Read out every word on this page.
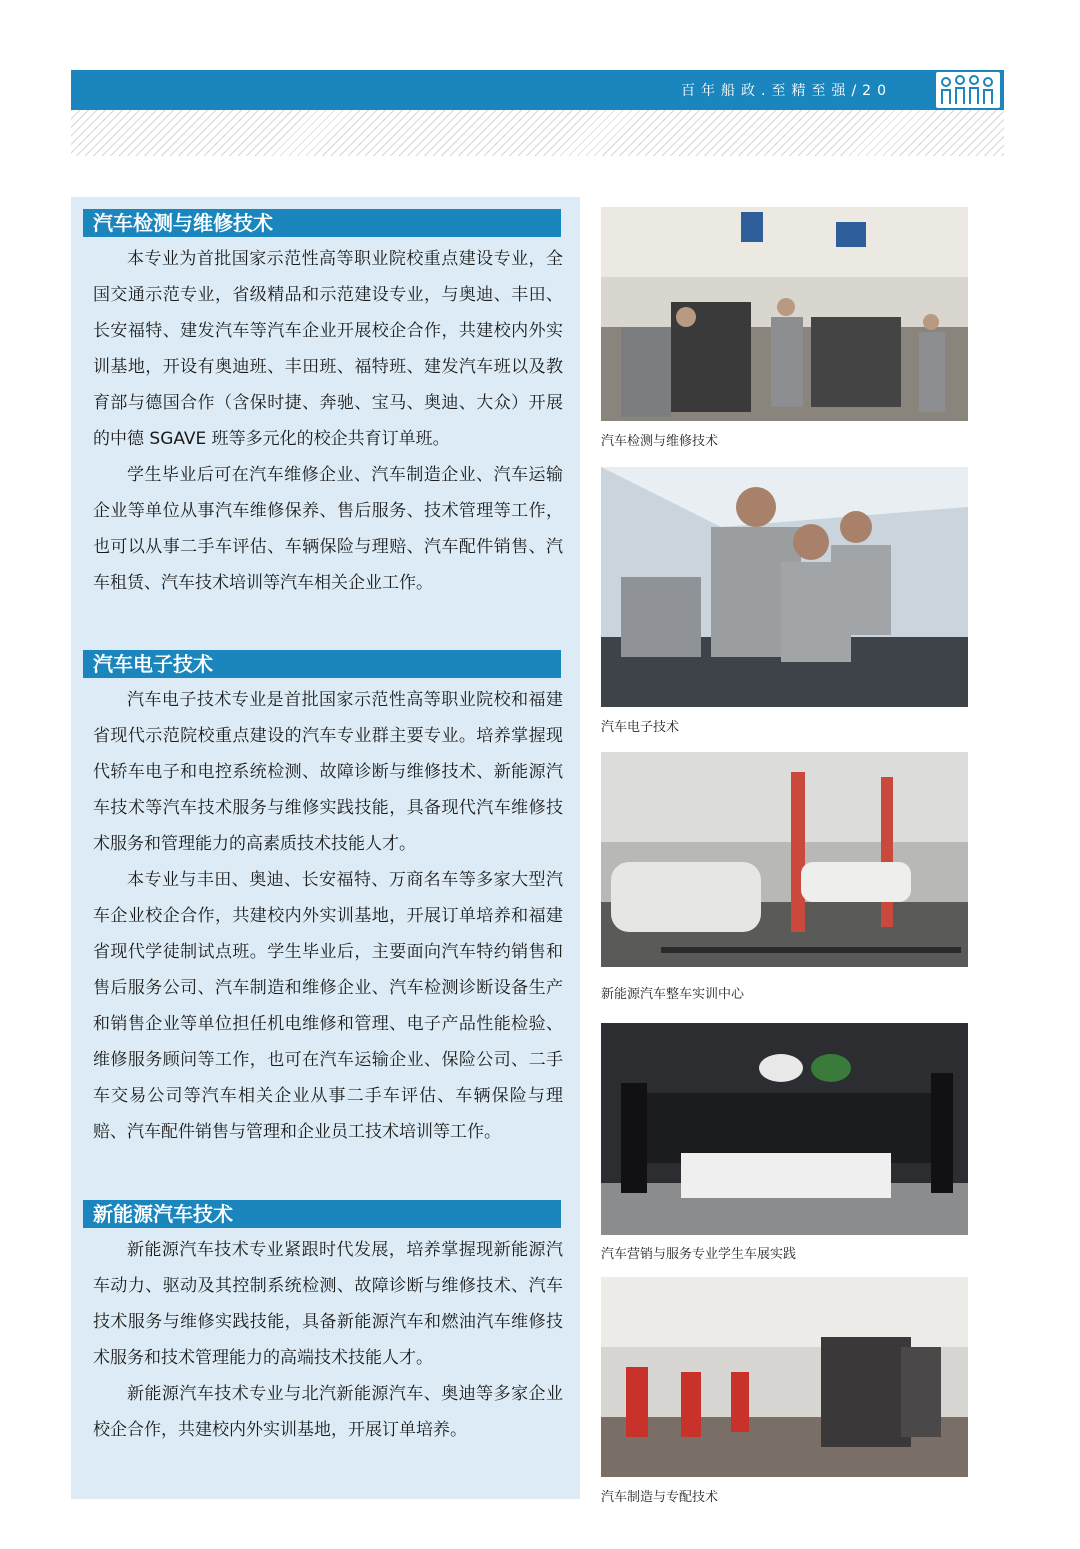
百年船政.至精至强/20
汽车检测与维修技术

本专业为首批国家示范性高等职业院校重点建设专业，全国交通示范专业，省级精品和示范建设专业，与奥迪、丰田、长安福特、建发汽车等汽车企业开展校企合作，共建校内外实训基地，开设有奥迪班、丰田班、福特班、建发汽车班以及教育部与德国合作（含保时捷、奔驰、宝马、奥迪、大众）开展的中德 SGAVE 班等多元化的校企共育订单班。

学生毕业后可在汽车维修企业、汽车制造企业、汽车运输企业等单位从事汽车维修保养、售后服务、技术管理等工作，也可以从事二手车评估、车辆保险与理赔、汽车配件销售、汽车租赁、汽车技术培训等汽车相关企业工作。

汽车电子技术

汽车电子技术专业是首批国家示范性高等职业院校和福建省现代示范院校重点建设的汽车专业群主要专业。培养掌握现代轿车电子和电控系统检测、故障诊断与维修技术、新能源汽车技术等汽车技术服务与维修实践技能，具备现代汽车维修技术服务和管理能力的高素质技术技能人才。

本专业与丰田、奥迪、长安福特、万商名车等多家大型汽车企业校企合作，共建校内外实训基地，开展订单培养和福建省现代学徒制试点班。学生毕业后，主要面向汽车特约销售和售后服务公司、汽车制造和维修企业、汽车检测诊断设备生产和销售企业等单位担任机电维修和管理、电子产品性能检验、维修服务顾问等工作，也可在汽车运输企业、保险公司、二手车交易公司等汽车相关企业从事二手车评估、车辆保险与理赔、汽车配件销售与管理和企业员工技术培训等工作。

新能源汽车技术

新能源汽车技术专业紧跟时代发展，培养掌握现新能源汽车动力、驱动及其控制系统检测、故障诊断与维修技术、汽车技术服务与维修实践技能，具备新能源汽车和燃油汽车维修技术服务和技术管理能力的高端技术技能人才。

新能源汽车技术专业与北汽新能源汽车、奥迪等多家企业校企合作，共建校内外实训基地，开展订单培养。

汽车检测与维修技术
汽车电子技术
新能源汽车整车实训中心
汽车营销与服务专业学生车展实践
汽车制造与专配技术
